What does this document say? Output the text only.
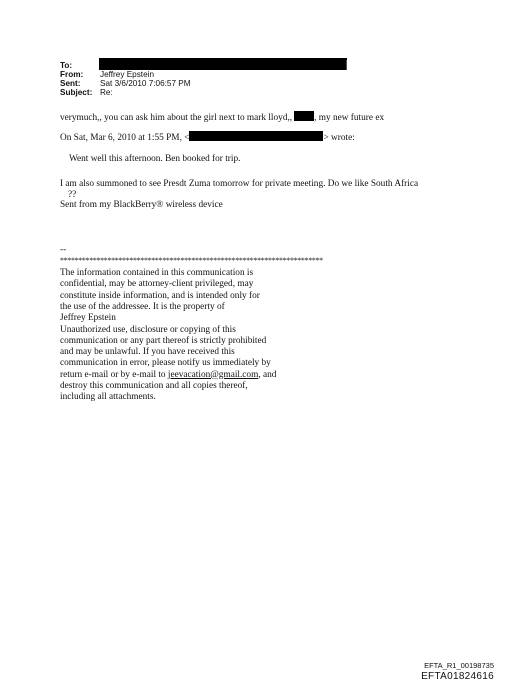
To:
From: Jeffrey Epstein
Sent: Sat 3/6/2010 7:06:57 PM
Subject: Re:
verymuch,, you can ask him about the girl next to mark lloyd,, , my new future ex
On Sat, Mar 6, 2010 at 1:55 PM, <	> wrote:
Went well this afternoon. Ben booked for trip.
I am also summoned to see Presdt Zuma tomorrow for private meeting. Do we like South Africa
??
Sent from my BlackBerry® wireless device
--
************************************************************************
The information contained in this communication is
confidential, may be attorney-client privileged, may
constitute inside information, and is intended only for
the use of the addressee. It is the property of
Jeffrey Epstein
Unauthorized use, disclosure or copying of this
communication or any part thereof is strictly prohibited
and may be unlawful. If you have received this
communication in error, please notify us immediately by
return e-mail or by e-mail to jeevacation@gmail.com, and
destroy this communication and all copies thereof,
including all attachments.
EFTA_R1_00198735
EFTA01824616
